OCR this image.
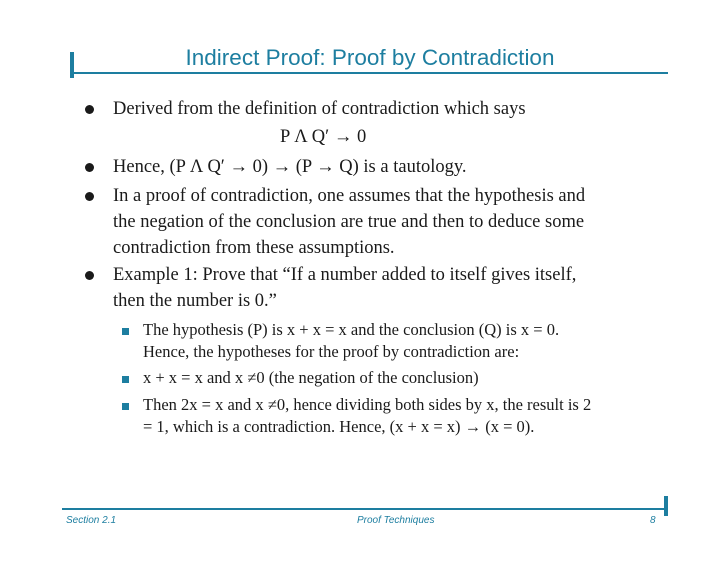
Indirect Proof: Proof by Contradiction
Derived from the definition of contradiction which says
P Λ Q′ → 0
Hence, (P Λ Q′ → 0) → (P → Q) is a tautology.
In a proof of contradiction, one assumes that the hypothesis and
the negation of the conclusion are true and then to deduce some
contradiction from these assumptions.
Example 1: Prove that “If a number added to itself gives itself,
then the number is 0.”
The hypothesis (P) is x + x = x and the conclusion (Q) is x = 0.
Hence, the hypotheses for the proof by contradiction are:
x + x = x and x ≠0 (the negation of the conclusion)
Then 2x = x and x ≠0, hence dividing both sides by x, the result is 2
= 1, which is a contradiction. Hence, (x + x = x) → (x = 0).
Section 2.1	Proof Techniques	8
